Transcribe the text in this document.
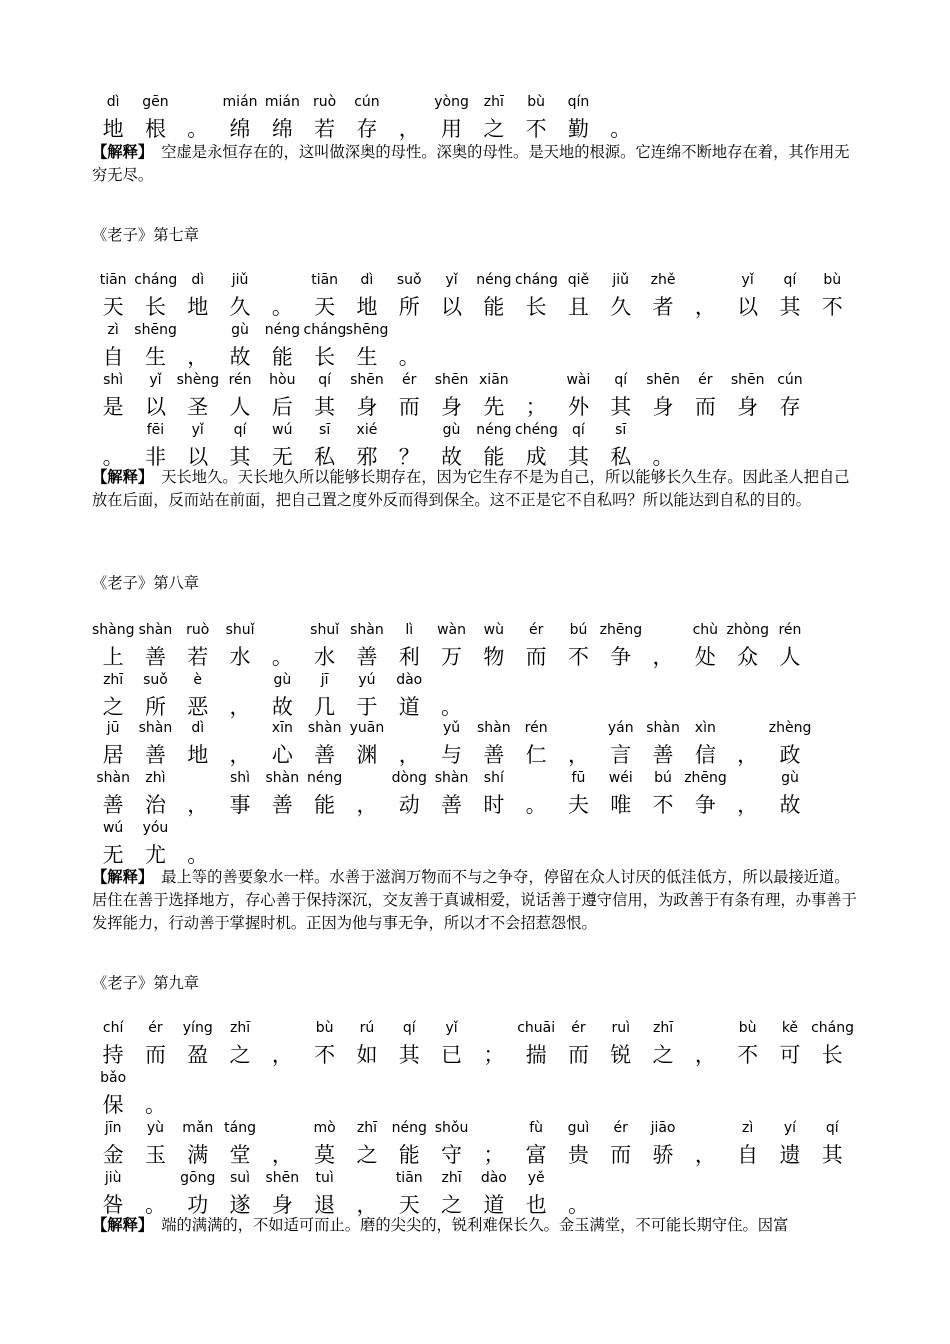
dì	gēn	mián mián ruò	cún	yòng	zhī	bù	qín
地	根	。	绵	绵	若	存	，	用	之	不	勤	。
【解释】 空虚是永恒存在的，这叫做深奥的母性。深奥的母性。是天地的根源。它连绵不断地存在着，其作用无穷无尽。
《老子》第七章
tiān cháng	dì	jiǔ	tiān	dì	suǒ	yǐ	néng cháng qiě	jiǔ	zhě	yǐ	qí	bù
天	长	地	久	。	天	地	所	以	能	长	且	久	者	，	以	其	不
zì	shēng	gù	néng cháng shēng
自	生	，	故	能	长	生	。
shì	yǐ	shèng rén	hòu	qí	shēn	ér	shēn xiān	wài	qí	shēn	ér	shēn cún
是	以	圣	人	后	其	身	而	身	先	；	外	其	身	而	身	存
fēi	yǐ	qí	wú	sī	xié	gù	néng chéng	qí	sī
。	非	以	其	无	私	邪	？	故	能	成	其	私	。
【解释】 天长地久。天长地久所以能够长期存在，因为它生存不是为自己，所以能够长久生存。因此圣人把自己放在后面，反而站在前面，把自己置之度外反而得到保全。这不正是它不自私吗？所以能达到自私的目的。
《老子》第八章
shàng shàn ruò	shuǐ	shuǐ shàn	lì	wàn	wù	ér	bú zhēng	chù zhòng rén
上	善	若	水	。	水	善	利	万	物	而	不	争	，	处	众	人
zhī	suǒ	è	gù	jī	yú	dào
之	所	恶	，	故	几	于	道	。
jū	shàn	dì	xīn	shàn yuān	yǔ	shàn	rén	yán shàn	xìn	zhèng
居	善	地	，	心	善	渊	，	与	善	仁	，	言	善	信	，	政
shàn	zhì	shì	shàn néng	dòng shàn	shí	fū	wéi	bú zhēng	gù
善	治	，	事	善	能	，	动	善	时	。	夫	唯	不	争	，	故
wú	yóu
无	尤	。
【解释】 最上等的善要象水一样。水善于滋润万物而不与之争夺，停留在众人讨厌的低洼低方，所以最接近道。居住在善于选择地方，存心善于保持深沉，交友善于真诚相爱，说话善于遵守信用，为政善于有条有理，办事善于发挥能力，行动善于掌握时机。正因为他与事无争，所以才不会招惹怨恨。
《老子》第九章
chí	ér	yíng	zhī	bù	rú	qí	yǐ	chuāi	ér	ruì	zhī	bù	kě cháng
持	而	盈	之	，	不	如	其	已	；	揣	而	锐	之	，	不	可	长
bǎo
保	。
jīn	yù	mǎn táng	mò	zhī	néng shǒu	fù	guì	ér	jiāo	zì	yí	qí
金	玉	满	堂	，	莫	之	能	守	；	富	贵	而	骄	，	自	遗	其
jiù	gōng	suì	shēn	tuì	tiān	zhī	dào	yě
咎	。	功	遂	身	退	，	天	之	道	也	。
【解释】 端的满满的，不如适可而止。磨的尖尖的，锐利难保长久。金玉满堂，不可能长期守住。因富
